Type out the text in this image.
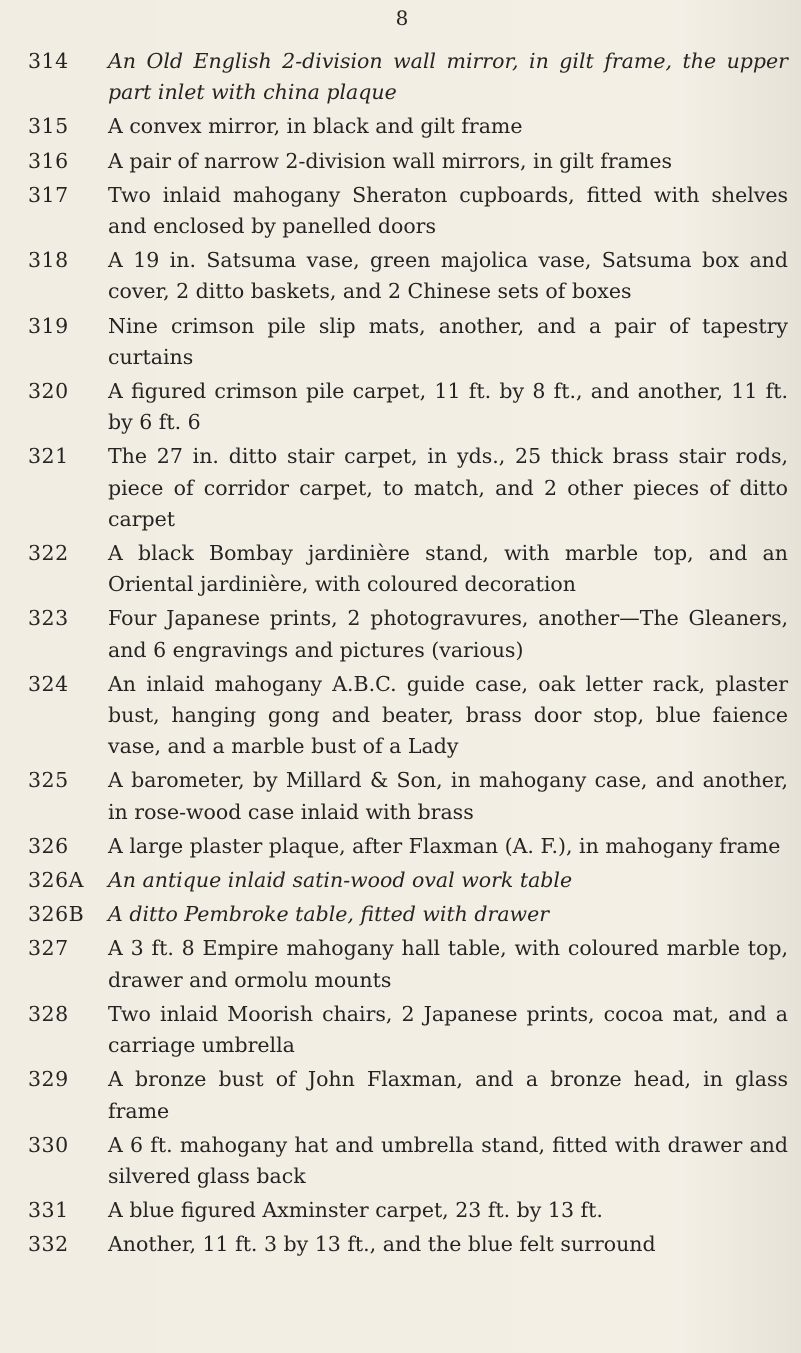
8
314	An Old English 2-division wall mirror, in gilt frame, the upper part inlet with china plaque
315	A convex mirror, in black and gilt frame
316	A pair of narrow 2-division wall mirrors, in gilt frames
317	Two inlaid mahogany Sheraton cupboards, fitted with shelves and enclosed by panelled doors
318	A 19 in. Satsuma vase, green majolica vase, Satsuma box and cover, 2 ditto baskets, and 2 Chinese sets of boxes
319	Nine crimson pile slip mats, another, and a pair of tapestry curtains
320	A figured crimson pile carpet, 11 ft. by 8 ft., and another, 11 ft. by 6 ft. 6
321	The 27 in. ditto stair carpet, in yds., 25 thick brass stair rods, piece of corridor carpet, to match, and 2 other pieces of ditto carpet
322	A black Bombay jardinière stand, with marble top, and an Oriental jardinière, with coloured decoration
323	Four Japanese prints, 2 photogravures, another—The Gleaners, and 6 engravings and pictures (various)
324	An inlaid mahogany A.B.C. guide case, oak letter rack, plaster bust, hanging gong and beater, brass door stop, blue faience vase, and a marble bust of a Lady
325	A barometer, by Millard & Son, in mahogany case, and another, in rose-wood case inlaid with brass
326	A large plaster plaque, after Flaxman (A. F.), in mahogany frame
326A	An antique inlaid satin-wood oval work table
326B	A ditto Pembroke table, fitted with drawer
327	A 3 ft. 8 Empire mahogany hall table, with coloured marble top, drawer and ormolu mounts
328	Two inlaid Moorish chairs, 2 Japanese prints, cocoa mat, and a carriage umbrella
329	A bronze bust of John Flaxman, and a bronze head, in glass frame
330	A 6 ft. mahogany hat and umbrella stand, fitted with drawer and silvered glass back
331	A blue figured Axminster carpet, 23 ft. by 13 ft.
332	Another, 11 ft. 3 by 13 ft., and the blue felt surround
